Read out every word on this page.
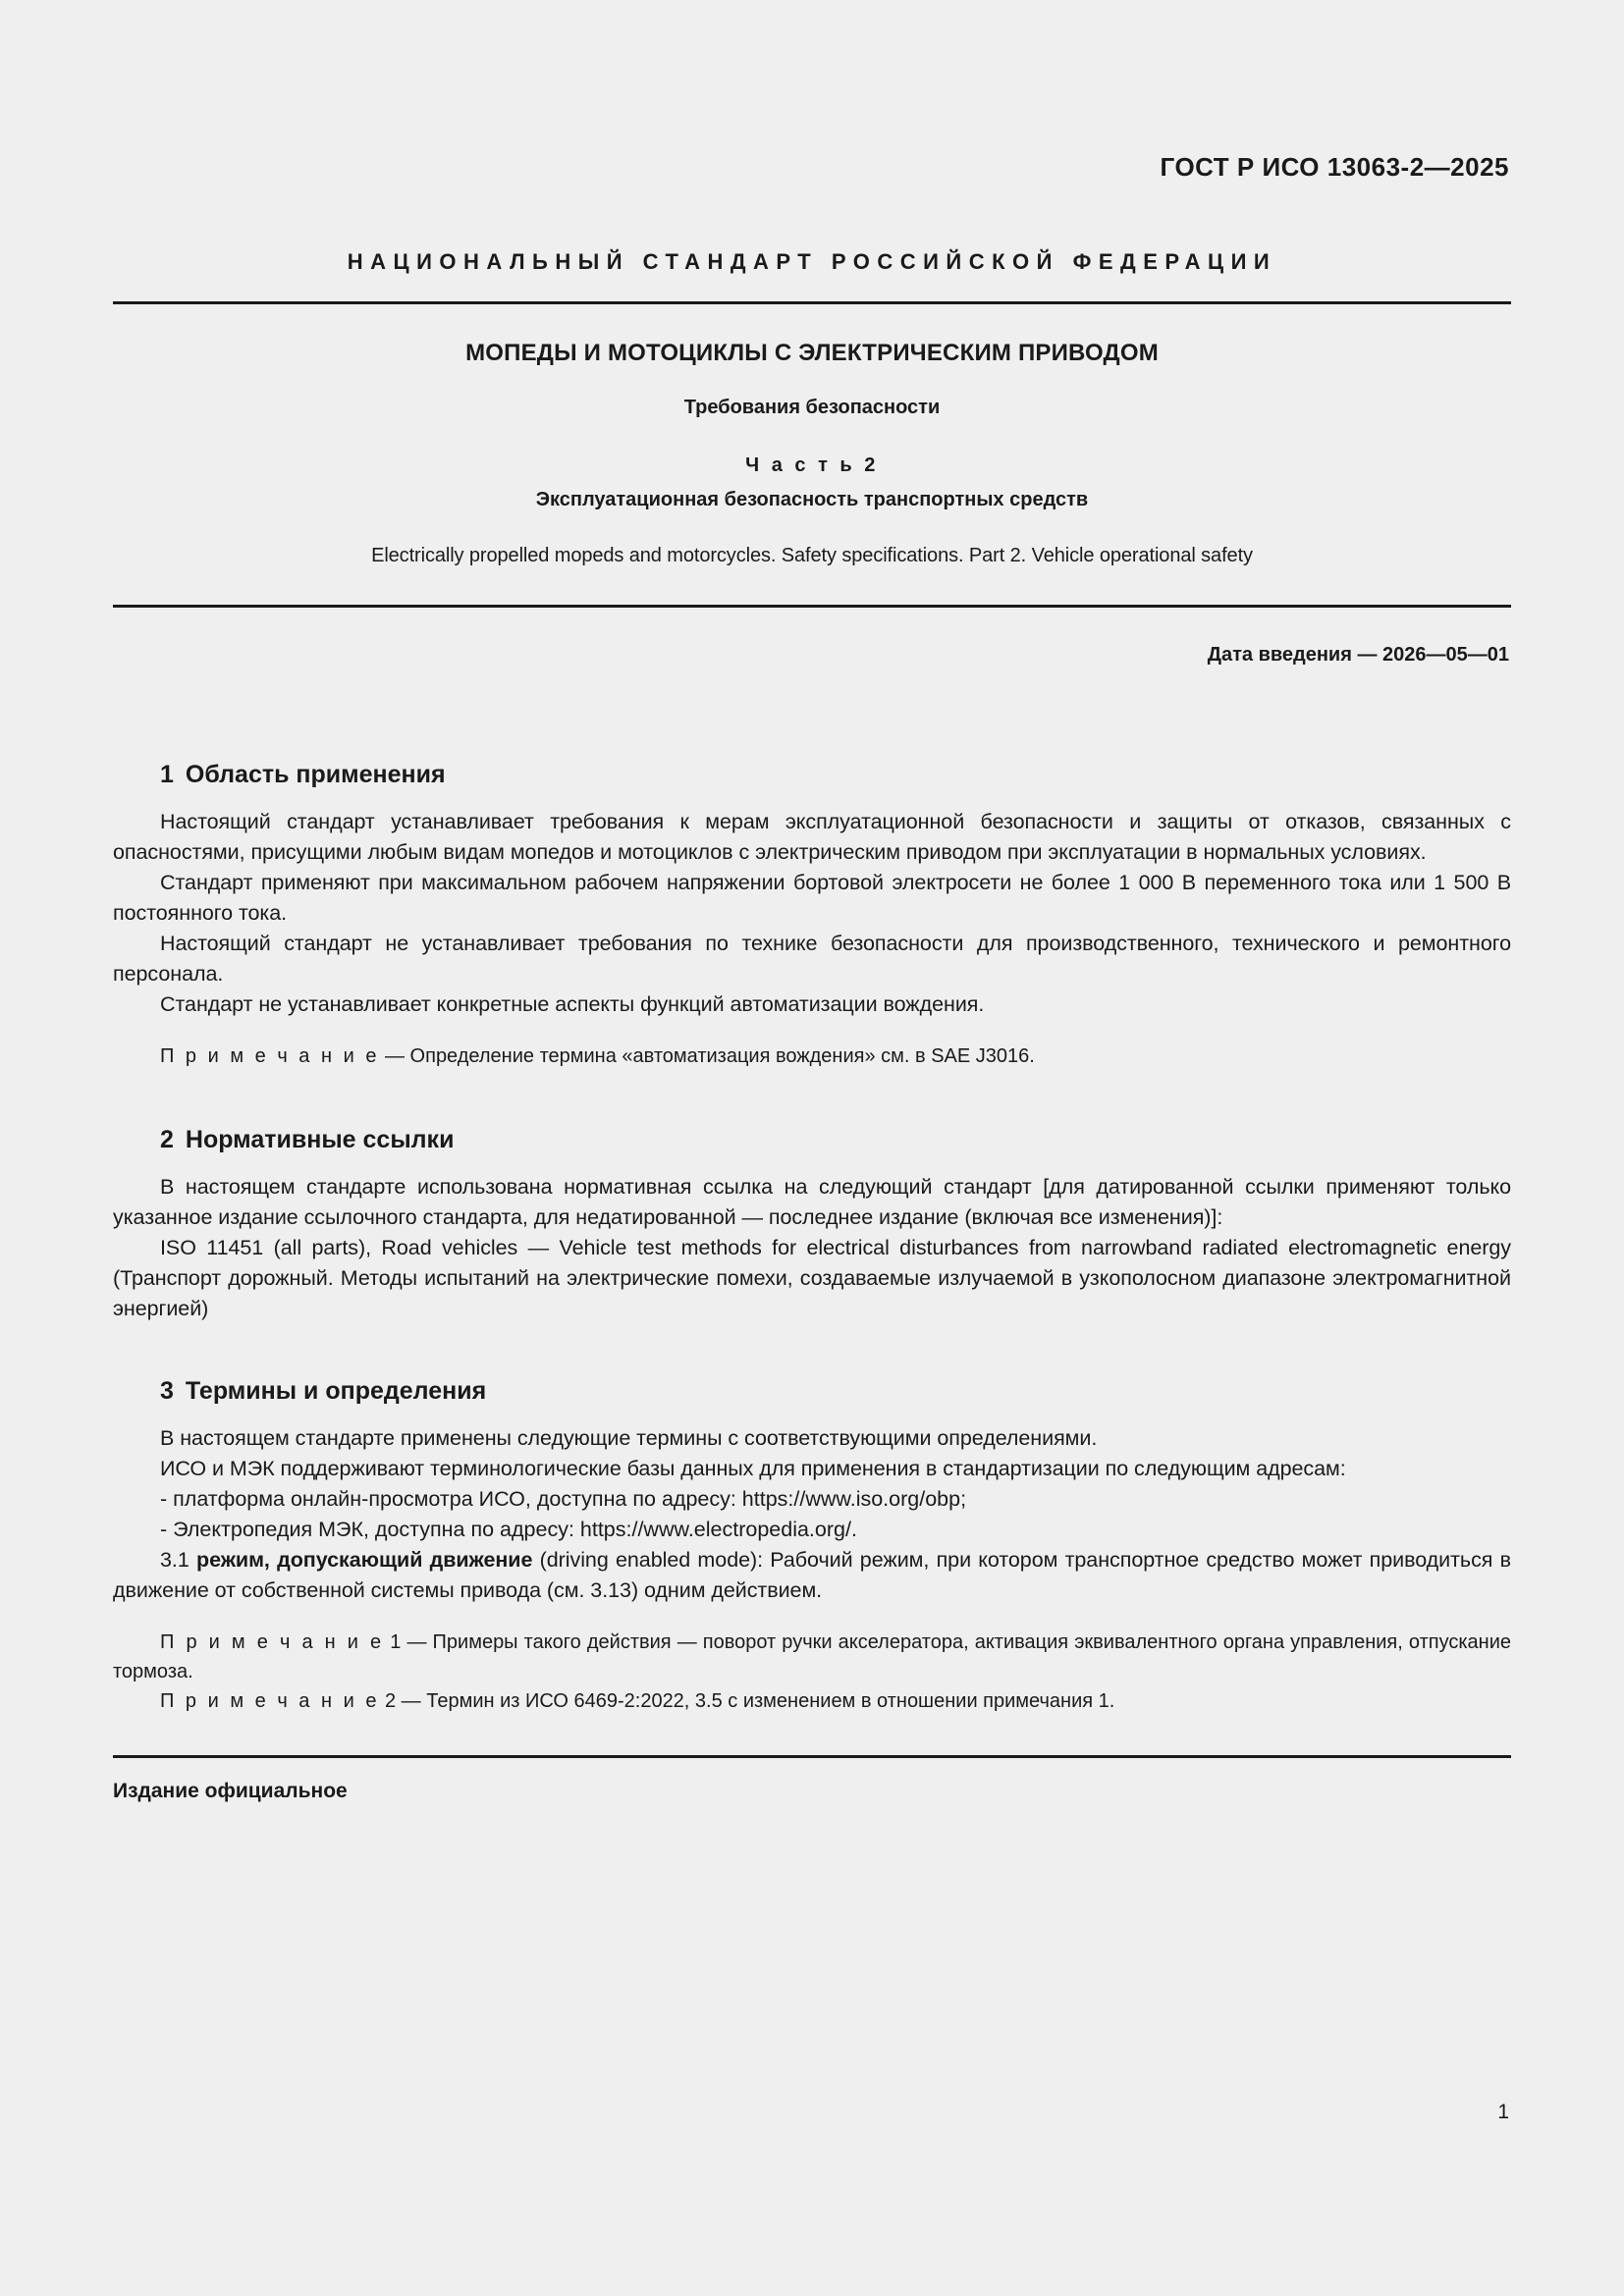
ГОСТ Р ИСО 13063-2—2025
НАЦИОНАЛЬНЫЙ СТАНДАРТ РОССИЙСКОЙ ФЕДЕРАЦИИ
МОПЕДЫ И МОТОЦИКЛЫ С ЭЛЕКТРИЧЕСКИМ ПРИВОДОМ
Требования безопасности
Ч а с т ь 2
Эксплуатационная безопасность транспортных средств
Electrically propelled mopeds and motorcycles. Safety specifications. Part 2. Vehicle operational safety
Дата введения — 2026—05—01
1 Область применения

Настоящий стандарт устанавливает требования к мерам эксплуатационной безопасности и защиты от отказов, связанных с опасностями, присущими любым видам мопедов и мотоциклов с электрическим приводом при эксплуатации в нормальных условиях.

Стандарт применяют при максимальном рабочем напряжении бортовой электросети не более 1 000 В переменного тока или 1 500 В постоянного тока.

Настоящий стандарт не устанавливает требования по технике безопасности для производственного, технического и ремонтного персонала.

Стандарт не устанавливает конкретные аспекты функций автоматизации вождения.

П р и м е ч а н и е — Определение термина «автоматизация вождения» см. в SAE J3016.

2 Нормативные ссылки

В настоящем стандарте использована нормативная ссылка на следующий стандарт [для датированной ссылки применяют только указанное издание ссылочного стандарта, для недатированной — последнее издание (включая все изменения)]:

ISO 11451 (all parts), Road vehicles — Vehicle test methods for electrical disturbances from narrowband radiated electromagnetic energy (Транспорт дорожный. Методы испытаний на электрические помехи, создаваемые излучаемой в узкополосном диапазоне электромагнитной энергией)

3 Термины и определения

В настоящем стандарте применены следующие термины с соответствующими определениями.

ИСО и МЭК поддерживают терминологические базы данных для применения в стандартизации по следующим адресам:

- платформа онлайн-просмотра ИСО, доступна по адресу: https://www.iso.org/obp;

- Электропедия МЭК, доступна по адресу: https://www.electropedia.org/.

3.1 режим, допускающий движение (driving enabled mode): Рабочий режим, при котором транспортное средство может приводиться в движение от собственной системы привода (см. 3.13) одним действием.

П р и м е ч а н и е 1 — Примеры такого действия — поворот ручки акселератора, активация эквивалентного органа управления, отпускание тормоза.

П р и м е ч а н и е 2 — Термин из ИСО 6469-2:2022, 3.5 с изменением в отношении примечания 1.

Издание официальное
1
